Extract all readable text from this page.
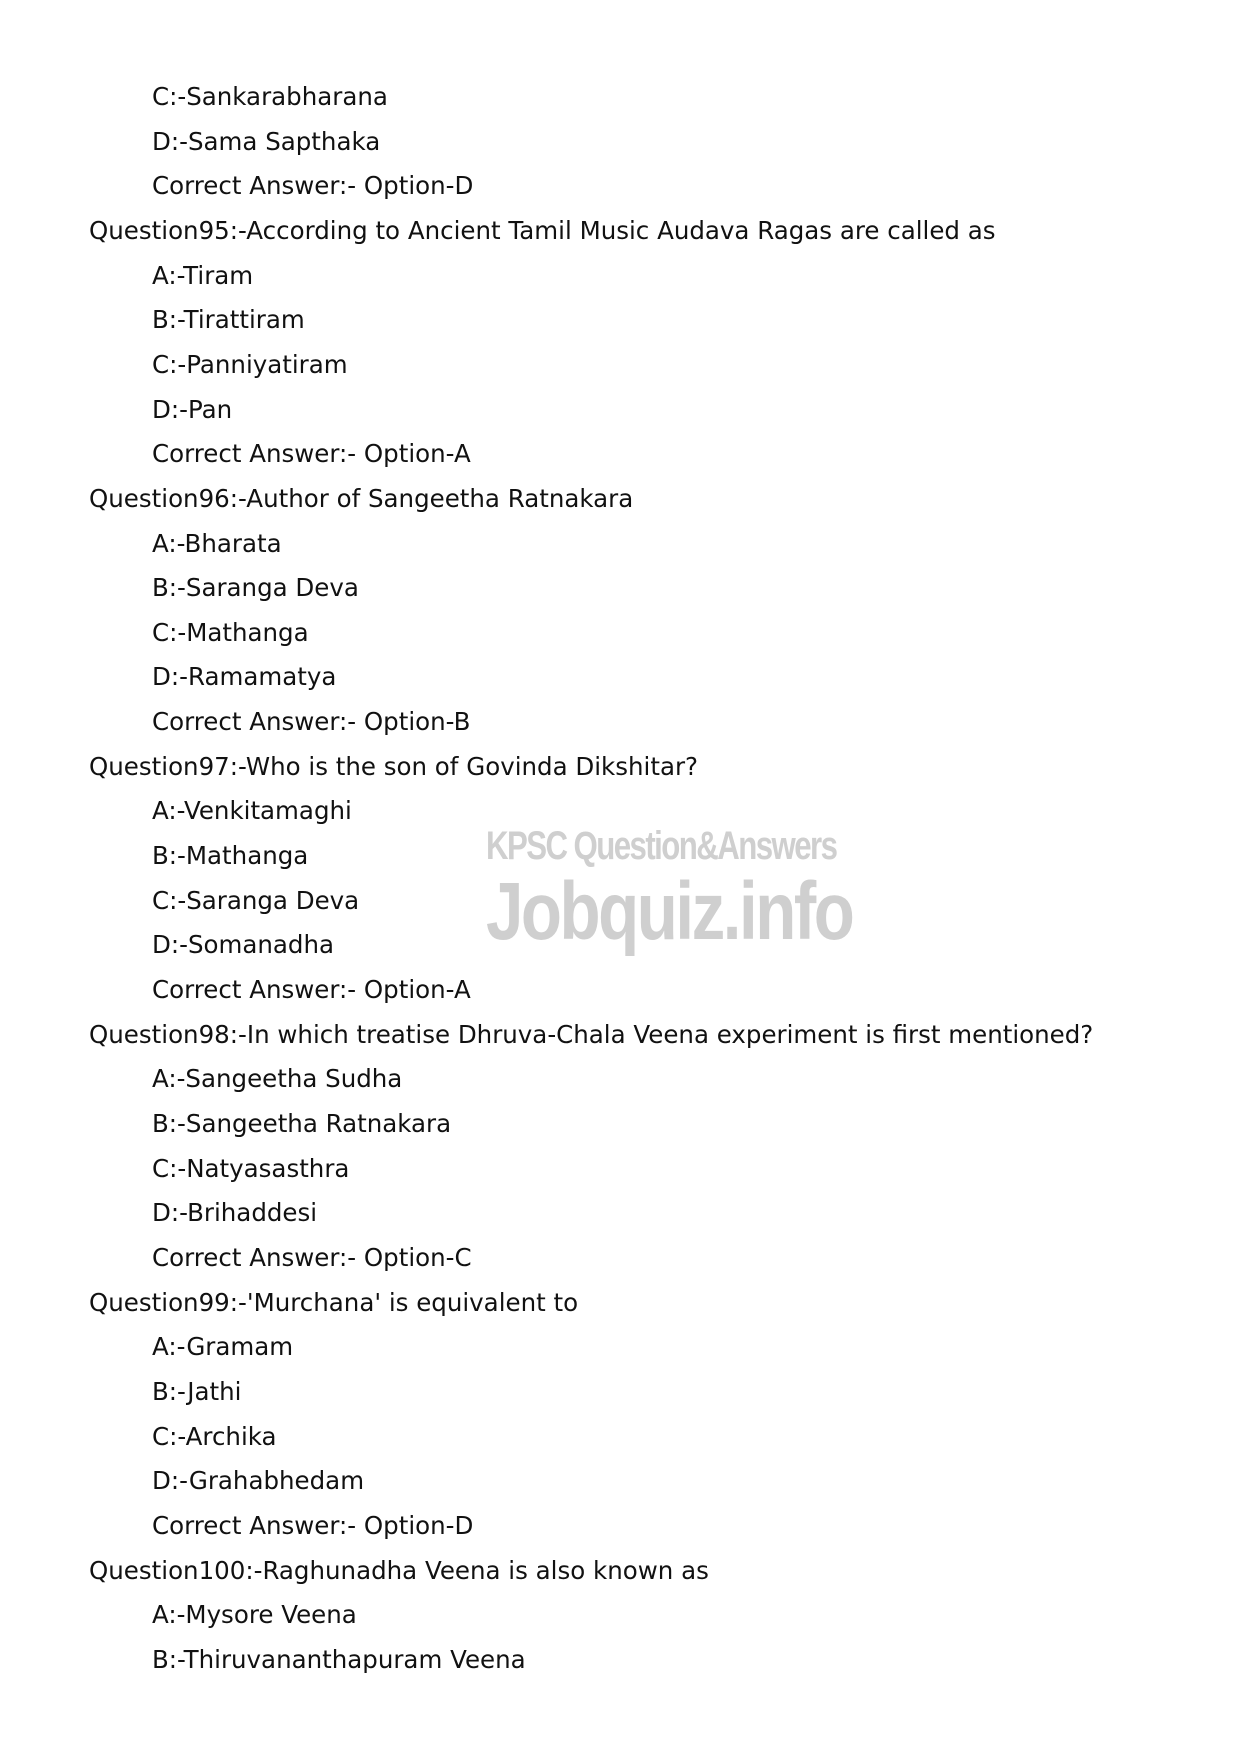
C:-Sankarabharana
D:-Sama Sapthaka
Correct Answer:- Option-D
Question95:-According to Ancient Tamil Music Audava Ragas are called as
A:-Tiram
B:-Tirattiram
C:-Panniyatiram
D:-Pan
Correct Answer:- Option-A
Question96:-Author of Sangeetha Ratnakara
A:-Bharata
B:-Saranga Deva
C:-Mathanga
D:-Ramamatya
Correct Answer:- Option-B
Question97:-Who is the son of Govinda Dikshitar?
A:-Venkitamaghi
B:-Mathanga
C:-Saranga Deva
D:-Somanadha
Correct Answer:- Option-A
Question98:-In which treatise Dhruva-Chala Veena experiment is first mentioned?
A:-Sangeetha Sudha
B:-Sangeetha Ratnakara
C:-Natyasasthra
D:-Brihaddesi
Correct Answer:- Option-C
Question99:-'Murchana' is equivalent to
A:-Gramam
B:-Jathi
C:-Archika
D:-Grahabhedam
Correct Answer:- Option-D
Question100:-Raghunadha Veena is also known as
A:-Mysore Veena
B:-Thiruvananthapuram Veena
KPSC Question&Answers
Jobquiz.info
